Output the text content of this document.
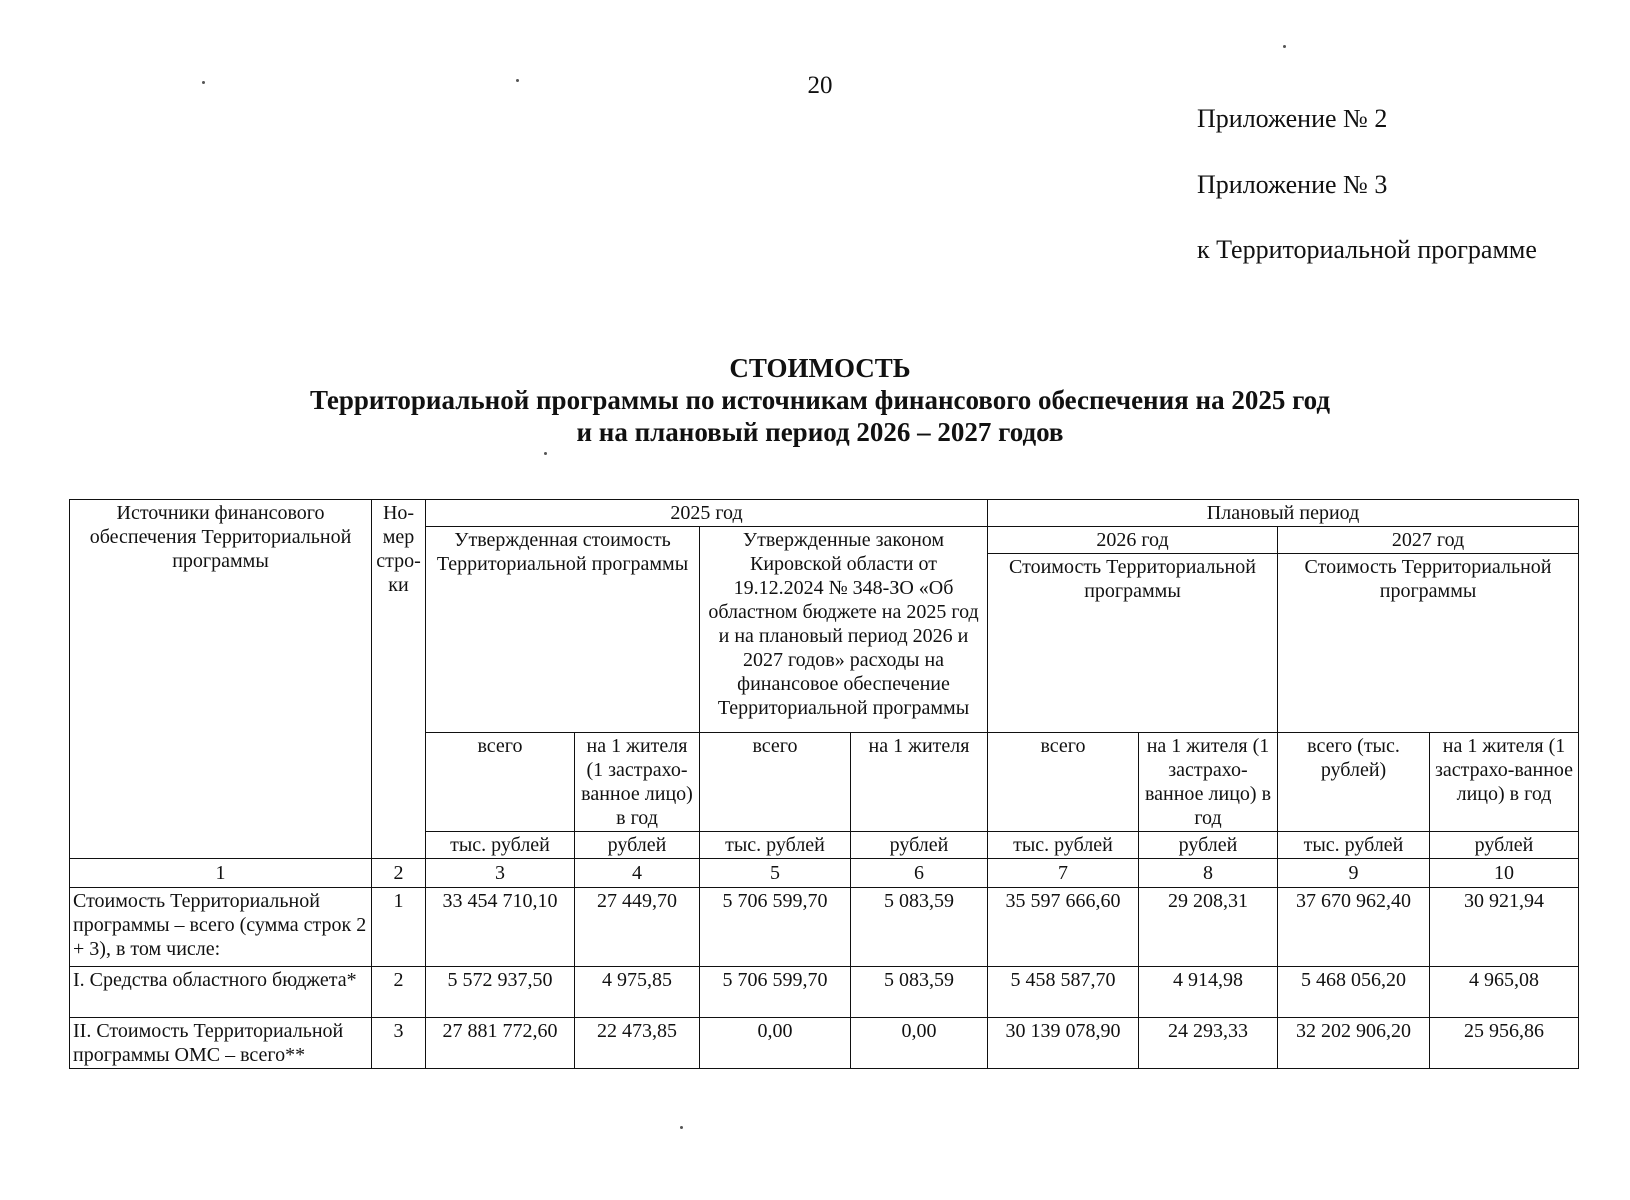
20
Приложение № 2
Приложение № 3
к Территориальной программе
СТОИМОСТЬ
Территориальной программы по источникам финансового обеспечения на 2025 год
и на плановый период 2026 – 2027 годов
Источники финансового обеспечения Территориальной программы	Но-мер стро-ки	2025 год				Плановый период			
		Утвержденная стоимость Территориальной программы		Утвержденные законом Кировской области от 19.12.2024 № 348-ЗО «Об областном бюджете на 2025 год и на плановый период 2026 и 2027 годов» расходы на финансовое обеспечение Территориальной программы		2026 год		2027 год	
						Стоимость Территориальной программы		Стоимость Территориальной программы	
		всего	на 1 жителя (1 застрахо-ванное лицо) в год	всего	на 1 жителя	всего	на 1 жителя (1 застрахо-ванное лицо) в год	всего (тыс. рублей)	на 1 жителя (1 застрахо-ванное лицо) в год
		тыс. рублей	рублей	тыс. рублей	рублей	тыс. рублей	рублей	тыс. рублей	рублей
1	2	3	4	5	6	7	8	9	10
Стоимость Территориальной программы – всего (сумма строк 2 + 3), в том числе:	1	33 454 710,10	27 449,70	5 706 599,70	5 083,59	35 597 666,60	29 208,31	37 670 962,40	30 921,94
I. Средства областного бюджета*	2	5 572 937,50	4 975,85	5 706 599,70	5 083,59	5 458 587,70	4 914,98	5 468 056,20	4 965,08
II. Стоимость Территориальной программы ОМС – всего**	3	27 881 772,60	22 473,85	0,00	0,00	30 139 078,90	24 293,33	32 202 906,20	25 956,86
